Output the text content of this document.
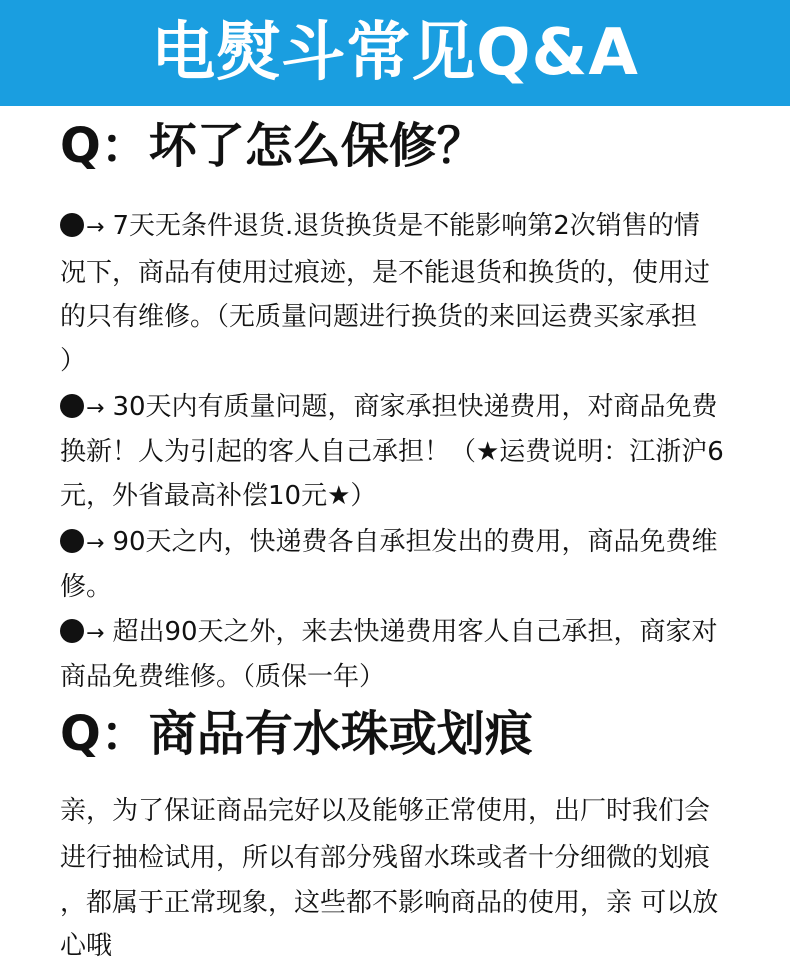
电熨斗常见Q&A
Q：坏了怎么保修？
→ 7天无条件退货.退货换货是不能影响第2次销售的情
况下，商品有使用过痕迹，是不能退货和换货的，使用过
的只有维修。（无质量问题进行换货的来回运费买家承担
）
→ 30天内有质量问题，商家承担快递费用，对商品免费
换新！人为引起的客人自己承担！（★运费说明：江浙沪6
元，外省最高补偿10元★）
→ 90天之内，快递费各自承担发出的费用，商品免费维
修。
→ 超出90天之外，来去快递费用客人自己承担，商家对
商品免费维修。（质保一年）
Q：商品有水珠或划痕
亲，为了保证商品完好以及能够正常使用，出厂时我们会
进行抽检试用，所以有部分残留水珠或者十分细微的划痕
，都属于正常现象，这些都不影响商品的使用，亲 可以放
心哦
